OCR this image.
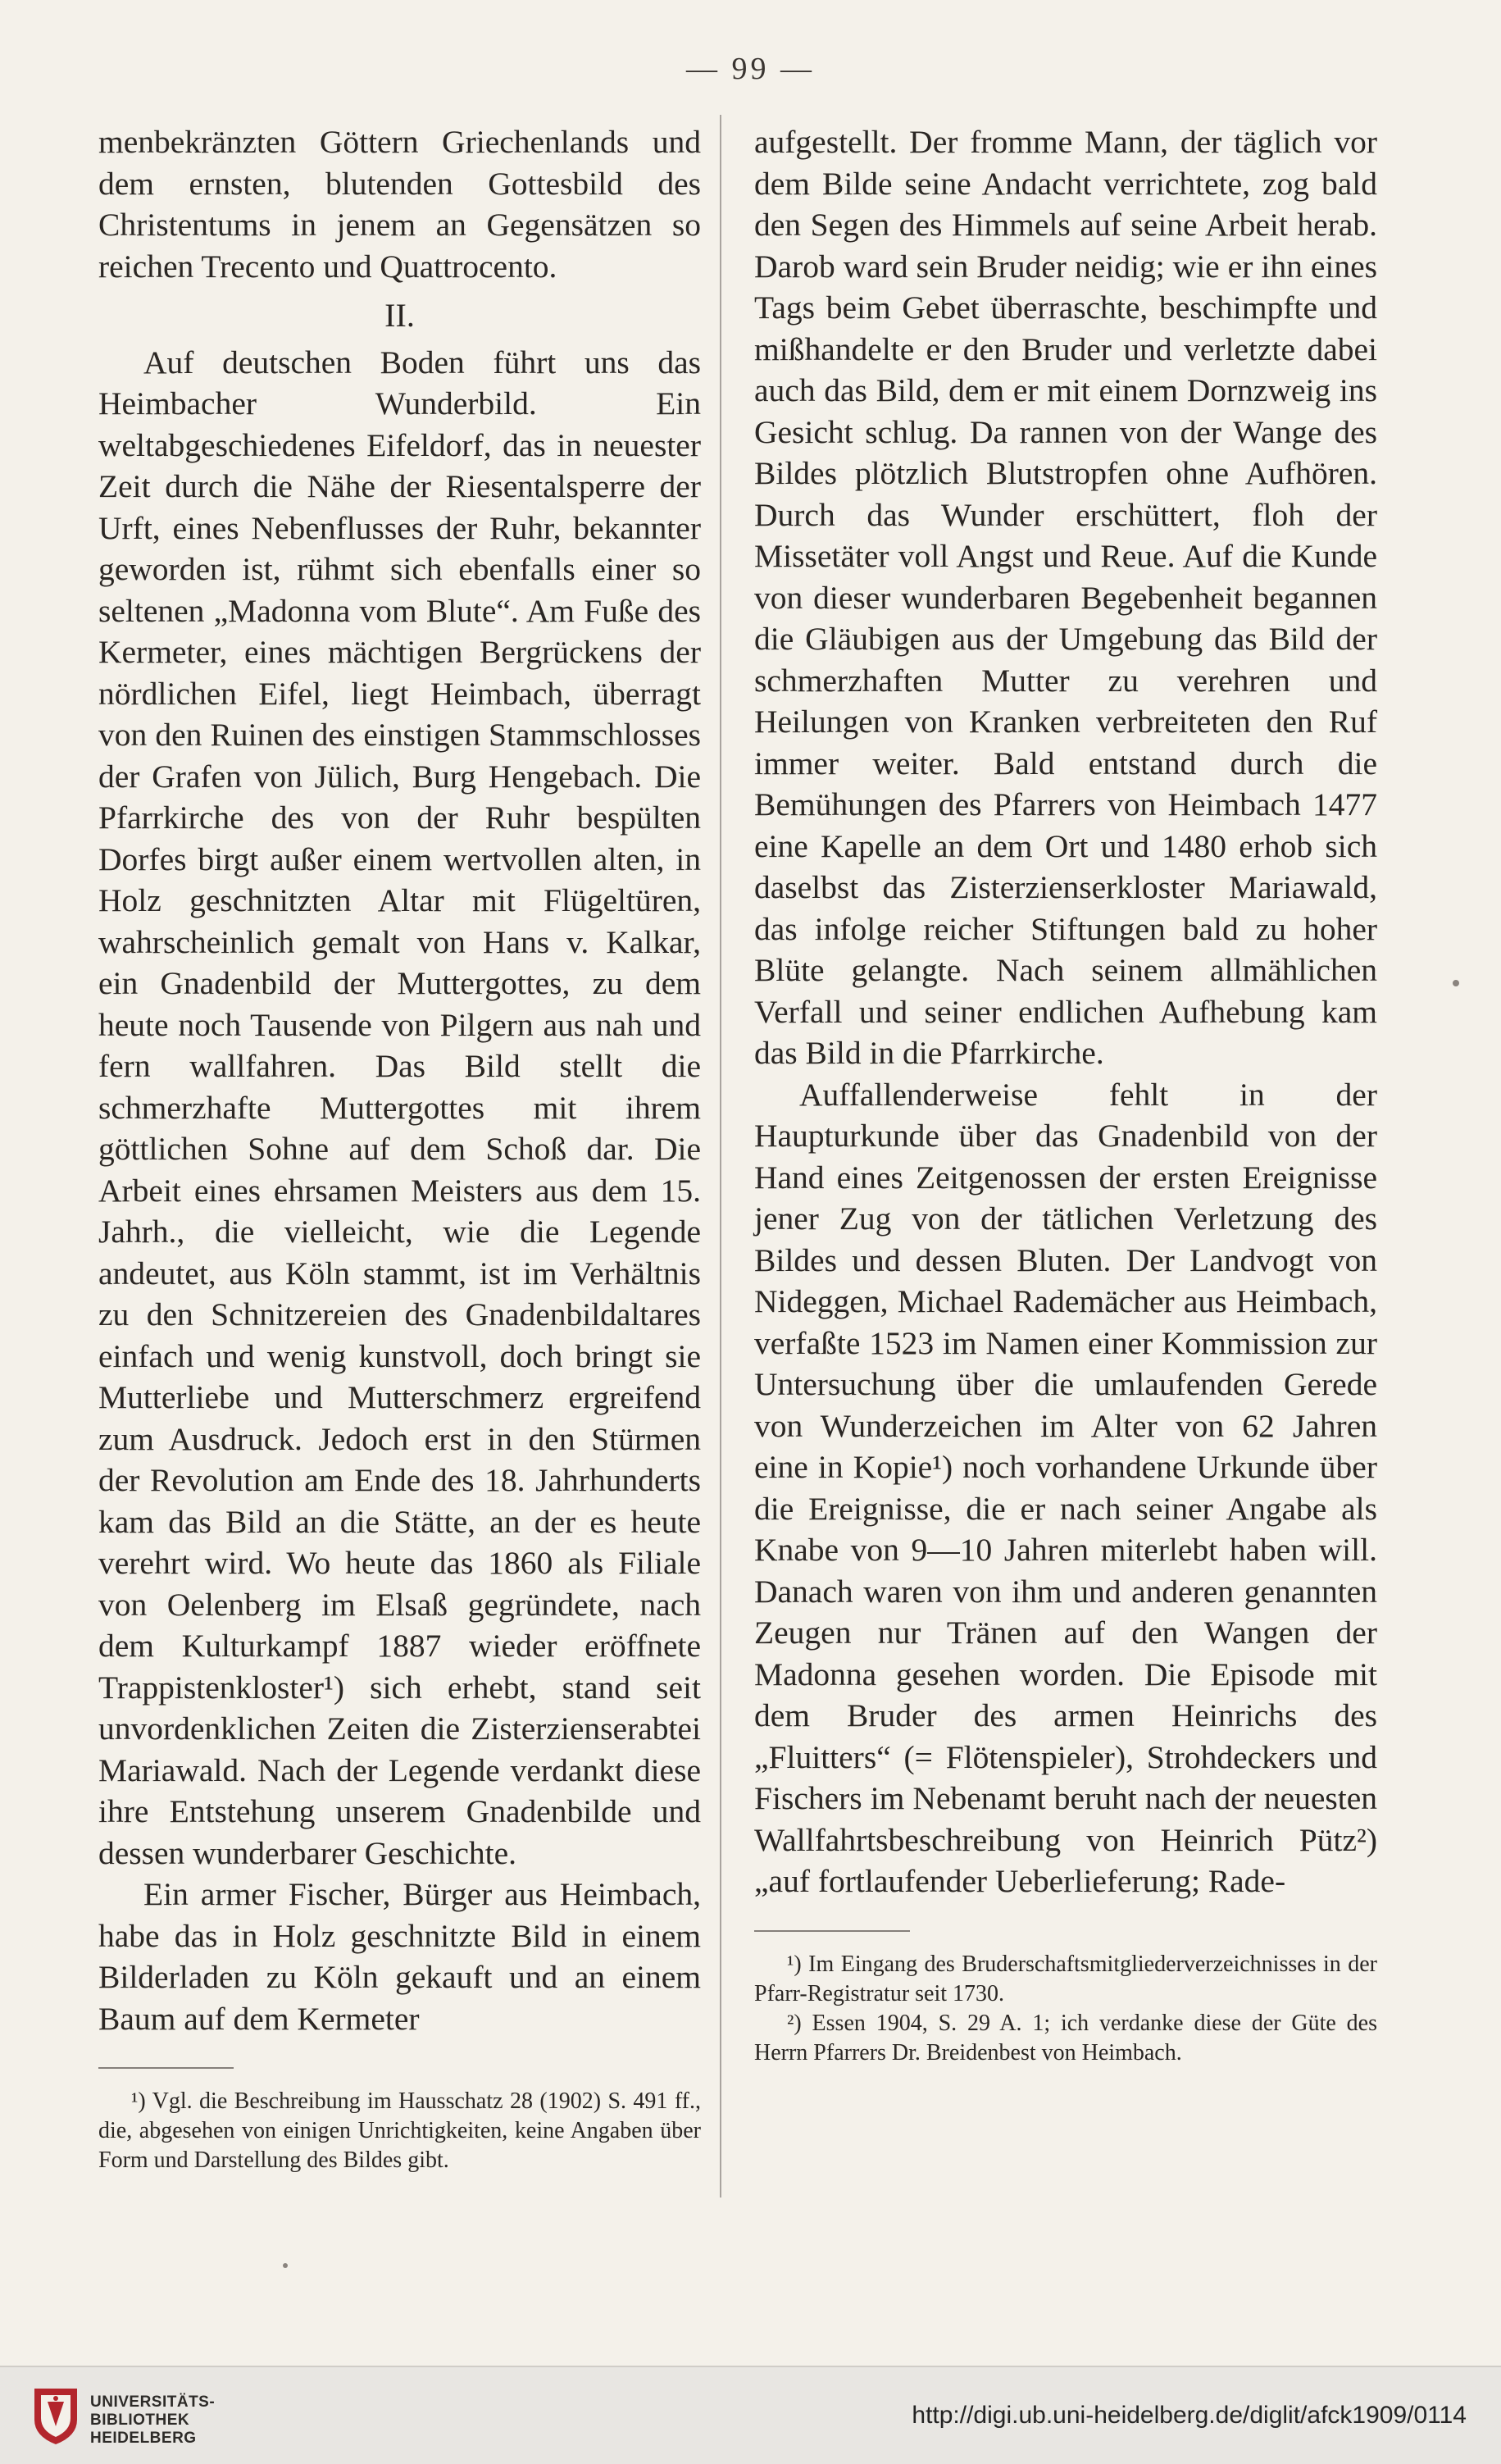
— 99 —

menbekränzten Göttern Griechenlands und dem ernsten, blutenden Gottesbild des Christentums in jenem an Gegensätzen so reichen Trecento und Quattrocento.

II.

Auf deutschen Boden führt uns das Heimbacher Wunderbild. Ein weltabgeschiedenes Eifeldorf, das in neuester Zeit durch die Nähe der Riesentalsperre der Urft, eines Nebenflusses der Ruhr, bekannter geworden ist, rühmt sich ebenfalls einer so seltenen „Madonna vom Blute“. Am Fuße des Kermeter, eines mächtigen Bergrückens der nördlichen Eifel, liegt Heimbach, überragt von den Ruinen des einstigen Stammschlosses der Grafen von Jülich, Burg Hengebach. Die Pfarrkirche des von der Ruhr bespülten Dorfes birgt außer einem wertvollen alten, in Holz geschnitzten Altar mit Flügeltüren, wahrscheinlich gemalt von Hans v. Kalkar, ein Gnadenbild der Muttergottes, zu dem heute noch Tausende von Pilgern aus nah und fern wallfahren. Das Bild stellt die schmerzhafte Muttergottes mit ihrem göttlichen Sohne auf dem Schoß dar. Die Arbeit eines ehrsamen Meisters aus dem 15. Jahrh., die vielleicht, wie die Legende andeutet, aus Köln stammt, ist im Verhältnis zu den Schnitzereien des Gnadenbildaltares einfach und wenig kunstvoll, doch bringt sie Mutterliebe und Mutterschmerz ergreifend zum Ausdruck. Jedoch erst in den Stürmen der Revolution am Ende des 18. Jahrhunderts kam das Bild an die Stätte, an der es heute verehrt wird. Wo heute das 1860 als Filiale von Oelenberg im Elsaß gegründete, nach dem Kulturkampf 1887 wieder eröffnete Trappistenkloster¹) sich erhebt, stand seit unvordenklichen Zeiten die Zisterzienserabtei Mariawald. Nach der Legende verdankt diese ihre Entstehung unserem Gnadenbilde und dessen wunderbarer Geschichte.

Ein armer Fischer, Bürger aus Heimbach, habe das in Holz geschnitzte Bild in einem Bilderladen zu Köln gekauft und an einem Baum auf dem Kermeter

¹) Vgl. die Beschreibung im Hausschatz 28 (1902) S. 491 ff., die, abgesehen von einigen Unrichtigkeiten, keine Angaben über Form und Darstellung des Bildes gibt.

aufgestellt. Der fromme Mann, der täglich vor dem Bilde seine Andacht verrichtete, zog bald den Segen des Himmels auf seine Arbeit herab. Darob ward sein Bruder neidig; wie er ihn eines Tags beim Gebet überraschte, beschimpfte und mißhandelte er den Bruder und verletzte dabei auch das Bild, dem er mit einem Dornzweig ins Gesicht schlug. Da rannen von der Wange des Bildes plötzlich Blutstropfen ohne Aufhören. Durch das Wunder erschüttert, floh der Missetäter voll Angst und Reue. Auf die Kunde von dieser wunderbaren Begebenheit begannen die Gläubigen aus der Umgebung das Bild der schmerzhaften Mutter zu verehren und Heilungen von Kranken verbreiteten den Ruf immer weiter. Bald entstand durch die Bemühungen des Pfarrers von Heimbach 1477 eine Kapelle an dem Ort und 1480 erhob sich daselbst das Zisterzienserkloster Mariawald, das infolge reicher Stiftungen bald zu hoher Blüte gelangte. Nach seinem allmählichen Verfall und seiner endlichen Aufhebung kam das Bild in die Pfarrkirche.

Auffallenderweise fehlt in der Haupturkunde über das Gnadenbild von der Hand eines Zeitgenossen der ersten Ereignisse jener Zug von der tätlichen Verletzung des Bildes und dessen Bluten. Der Landvogt von Nideggen, Michael Rademächer aus Heimbach, verfaßte 1523 im Namen einer Kommission zur Untersuchung über die umlaufenden Gerede von Wunderzeichen im Alter von 62 Jahren eine in Kopie¹) noch vorhandene Urkunde über die Ereignisse, die er nach seiner Angabe als Knabe von 9—10 Jahren miterlebt haben will. Danach waren von ihm und anderen genannten Zeugen nur Tränen auf den Wangen der Madonna gesehen worden. Die Episode mit dem Bruder des armen Heinrichs des „Fluitters“ (= Flötenspieler), Strohdeckers und Fischers im Nebenamt beruht nach der neuesten Wallfahrtsbeschreibung von Heinrich Pütz²) „auf fortlaufender Ueberlieferung; Rade-

¹) Im Eingang des Bruderschaftsmitgliederverzeichnisses in der Pfarr-Registratur seit 1730.

²) Essen 1904, S. 29 A. 1; ich verdanke diese der Güte des Herrn Pfarrers Dr. Breidenbest von Heimbach.

UNIVERSITÄTS-
BIBLIOTHEK
HEIDELBERG
http://digi.ub.uni-heidelberg.de/diglit/afck1909/0114
